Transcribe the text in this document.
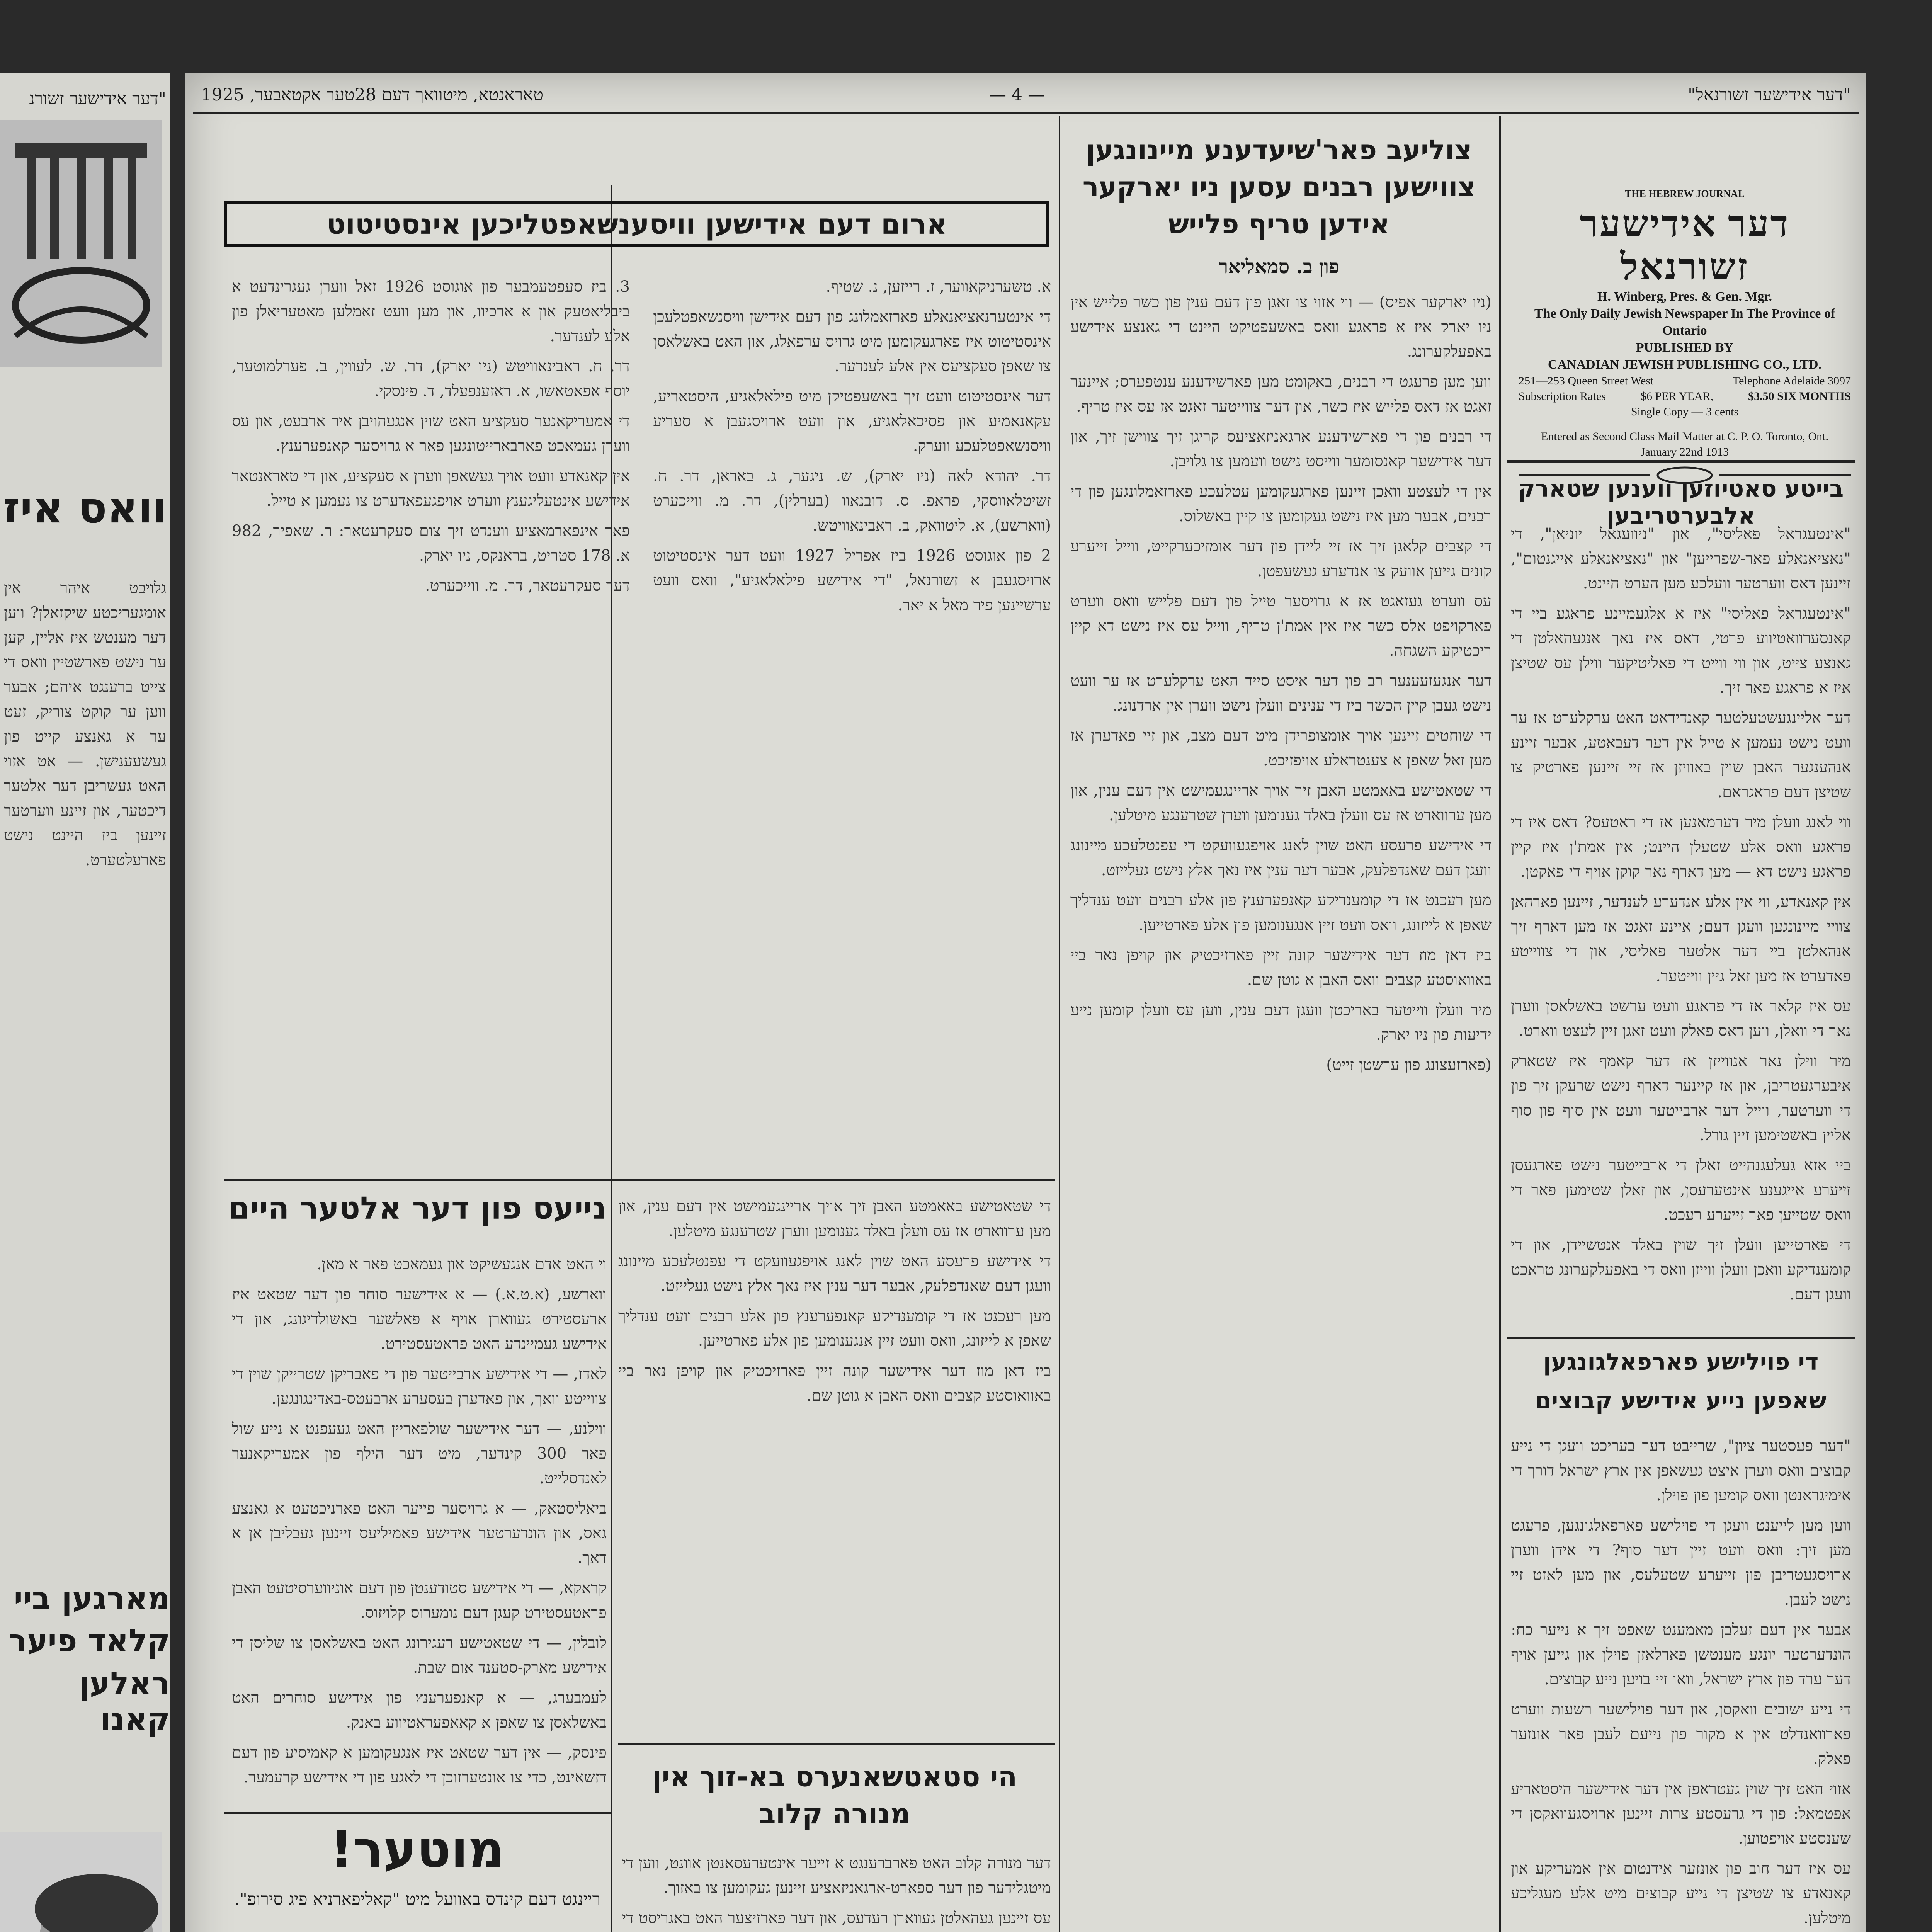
"דער אידישער זשורנ
וואס איז
גלויבט איהר אין אומגעריכטע שיקזאלן? ווען דער מענטש איז אליין, קען ער נישט פארשטיין וואס די צייט ברענגט איהם; אבער ווען ער קוקט צוריק, זעט ער א גאנצע קייט פון געשעענישן. — אט אזוי האט געשריבן דער אלטער דיכטער, און זיינע ווערטער זיינען ביז היינט נישט פארעלטערט.
מארגען ביי
קלאד פיער
ראלען קאנו
טאראנטא, מיטוואך דעם 28טער אקטאבער, 1925	— 4 —	"דער אידישער זשורנאל"
THE HEBREW JOURNAL
דער אידישער זשורנאל
H. Winberg, Pres. & Gen. Mgr.
The Only Daily Jewish Newspaper In The Province of Ontario
PUBLISHED BY
CANADIAN JEWISH PUBLISHING CO., LTD.
251—253 Queen Street West	Telephone Adelaide 3097
Subscription Rates	$6 PER YEAR,	$3.50 SIX MONTHS
Single Copy — 3 cents
Entered as Second Class Mail Matter at C. P. O. Toronto, Ont.
January 22nd 1913
בייטע סאטיוזען ווענען שטארק אלבערטריבען

"אינטעגראל פאליסי", און "ניוועגאל יוניאן", די "נאציאנאלע פאר-שפרייען" און "נאציאנאלע אייגנטום", זיינען דאס ווערטער וועלכע מען הערט היינט.

"אינטעגראל פאליסי" איז א אלגעמיינע פראגע ביי די קאנסערוואטיווע פרטי, דאס איז נאך אנגעהאלטן די גאנצע צייט, און ווי ווייט די פאליטיקער ווילן עס שטיצן איז א פראגע פאר זיך.

דער אליינגעשטעלטער קאנדידאט האט ערקלערט אז ער וועט נישט נעמען א טייל אין דער דעבאטע, אבער זיינע אנהענגער האבן שוין באוויזן אז זיי זיינען פארטיק צו שטיצן דעם פראגראם.

ווי לאנג וועלן מיר דערמאנען אז די ראטעס? דאס איז די פראגע וואס אלע שטעלן היינט; אין אמת'ן איז קיין פראגע נישט דא — מען דארף נאר קוקן אויף די פאקטן.

אין קאנאדע, ווי אין אלע אנדערע לענדער, זיינען פארהאן צוויי מיינונגען וועגן דעם; איינע זאגט אז מען דארף זיך אנהאלטן ביי דער אלטער פאליסי, און די צווייטע פאדערט אז מען זאל גיין ווייטער.

עס איז קלאר אז די פראגע וועט ערשט באשלאסן ווערן נאך די וואלן, ווען דאס פאלק וועט זאגן זיין לעצט ווארט.

מיר ווילן נאר אנווייזן אז דער קאמף איז שטארק איבערגעטריבן, און אז קיינער דארף נישט שרעקן זיך פון די ווערטער, ווייל דער ארבייטער וועט אין סוף פון סוף אליין באשטימען זיין גורל.

ביי אזא געלעגנהייט זאלן די ארבייטער נישט פארגעסן זייערע אייגענע אינטערעסן, און זאלן שטימען פאר די וואס שטייען פאר זייערע רעכט.

די פארטייען וועלן זיך שוין באלד אנטשיידן, און די קומענדיקע וואכן וועלן ווייזן וואס די באפעלקערונג טראכט וועגן דעם.

די פוילישע פארפאלגונגען
שאפען נייע אידישע קבוצים

"דער פעסטער ציון", שרייבט דער בעריכט וועגן די נייע קבוצים וואס ווערן איצט געשאפן אין ארץ ישראל דורך די אימיגראנטן וואס קומען פון פוילן.

ווען מען לייענט וועגן די פוילישע פארפאלגונגען, פרעגט מען זיך: וואס וועט זיין דער סוף? די אידן ווערן ארויסגעטריבן פון זייערע שטעלעס, און מען לאזט זיי נישט לעבן.

אבער אין דעם זעלבן מאמענט שאפט זיך א נייער כח: הונדערטער יונגע מענטשן פארלאזן פוילן און גייען אויף דער ערד פון ארץ ישראל, וואו זיי בויען נייע קבוצים.

די נייע ישובים וואקסן, און דער פוילישער רשעות ווערט פארוואנדלט אין א מקור פון נייעם לעבן פאר אונזער פאלק.

אזוי האט זיך שוין געטראפן אין דער אידישער היסטאריע אפטמאל: פון די גרעסטע צרות זיינען ארויסגעוואקסן די שענסטע אויפטוען.

עס איז דער חוב פון אונזער אידנטום אין אמעריקע און קאנאדע צו שטיצן די נייע קבוצים מיט אלע מעגליכע מיטלען.

צוליעב פאר'שיעדענע מיינונגען צווישען רבנים עסען ניו יארקער אידען טריף פלייש
פון ב. סמאליאר

(ניו יארקער אפיס) — ווי אזוי צו זאגן פון דעם ענין פון כשר פלייש אין ניו יארק איז א פראגע וואס באשעפטיקט היינט די גאנצע אידישע באפעלקערונג.

ווען מען פרעגט די רבנים, באקומט מען פארשידענע ענטפערס; איינער זאגט אז דאס פלייש איז כשר, און דער צווייטער זאגט אז עס איז טריף.

די רבנים פון די פארשידענע ארגאניזאציעס קריגן זיך צווישן זיך, און דער אידישער קאנסומער ווייסט נישט וועמען צו גלויבן.

אין די לעצטע וואכן זיינען פארגעקומען עטלעכע פארזאמלונגען פון די רבנים, אבער מען איז נישט געקומען צו קיין באשלוס.

די קצבים קלאגן זיך אז זיי ליידן פון דער אומזיכערקייט, ווייל זייערע קונים גייען אוועק צו אנדערע געשעפטן.

עס ווערט געזאגט אז א גרויסער טייל פון דעם פלייש וואס ווערט פארקויפט אלס כשר איז אין אמת'ן טריף, ווייל עס איז נישט דא קיין ריכטיקע השגחה.

דער אנגעזעענער רב פון דער איסט סייד האט ערקלערט אז ער וועט נישט געבן קיין הכשר ביז די ענינים וועלן נישט ווערן אין ארדנונג.

די שוחטים זיינען אויך אומצופרידן מיט דעם מצב, און זיי פאדערן אז מען זאל שאפן א צענטראלע אויפזיכט.

די שטאטישע באאמטע האבן זיך אויך אריינגעמישט אין דעם ענין, און מען ערווארט אז עס וועלן באלד גענומען ווערן שטרענגע מיטלען.

די אידישע פרעסע האט שוין לאנג אויפגעוועקט די עפנטלעכע מיינונג וועגן דעם שאנדפלעק, אבער דער ענין איז נאך אלץ נישט געלייזט.

מען רעכנט אז די קומענדיקע קאנפערענץ פון אלע רבנים וועט ענדליך שאפן א לייזונג, וואס וועט זיין אנגענומען פון אלע פארטייען.

ביז דאן מוז דער אידישער קונה זיין פארזיכטיק און קויפן נאר ביי באוואוסטע קצבים וואס האבן א גוטן שם.

מיר וועלן ווייטער באריכטן וועגן דעם ענין, ווען עס וועלן קומען נייע ידיעות פון ניו יארק.

(פארזעצונג פון ערשטן זייט)

ארום דעם אידישען וויסענשאפטליכען אינסטיטוט

א. טשערניקאווער, ז. רייזען, נ. שטיף.

די אינטערנאציאנאלע פארזאמלונג פון דעם אידישן וויסנשאפטלעכן אינסטיטוט איז פארגעקומען מיט גרויס ערפאלג, און האט באשלאסן צו שאפן סעקציעס אין אלע לענדער.

דער אינסטיטוט וועט זיך באשעפטיקן מיט פילאלאגיע, היסטאריע, עקאנאמיע און פסיכאלאגיע, און וועט ארויסגעבן א סעריע וויסנשאפטלעכע ווערק.

דר. יהודא לאה (ניו יארק), ש. ניגער, ג. באראן, דר. ח. זשיטלאווסקי, פראפ. ס. דובנאוו (בערלין), דר. מ. ווייכערט (ווארשע), א. ליטוואק, ב. ראבינאוויטש.

2 פון אוגוסט 1926 ביז אפריל 1927 וועט דער אינסטיטוט ארויסגעבן א זשורנאל, "די אידישע פילאלאגיע", וואס וועט ערשיינען פיר מאל א יאר.

3. ביז סעפטעמבער פון אוגוסט 1926 זאל ווערן געגרינדעט א ביבליאטעק און א ארכיוו, און מען וועט זאמלען מאטעריאלן פון אלע לענדער.

דר. ח. ראבינאוויטש (ניו יארק), דר. ש. לעווין, ב. פערלמוטער, יוסף אפאטאשו, א. ראזענפעלד, ד. פינסקי.

די אמעריקאנער סעקציע האט שוין אנגעהויבן איר ארבעט, און עס ווערן געמאכט פארבארייטונגען פאר א גרויסער קאנפערענץ.

אין קאנאדע וועט אויך געשאפן ווערן א סעקציע, און די טאראנטאר אידישע אינטעליגענץ ווערט אויפגעפאדערט צו נעמען א טייל.

פאר אינפארמאציע ווענדט זיך צום סעקרעטאר: ר. שאפיר, 982 א. 178 סטריט, בראנקס, ניו יארק.

דער סעקרעטאר, דר. מ. ווייכערט.

נייעס פון דער אלטער היים

וי האט אדם אנגעשיקט און געמאכט פאר א מאן.

ווארשע, (א.ט.א.) — א אידישער סוחר פון דער שטאט איז ארעסטירט געווארן אויף א פאלשער באשולדיגונג, און די אידישע געמיינדע האט פראטעסטירט.

לאדז, — די אידישע ארבייטער פון די פאבריקן שטרייקן שוין די צווייטע וואך, און פאדערן בעסערע ארבעטס-באדינגונגען.

ווילנע, — דער אידישער שולפאריין האט געעפנט א נייע שול פאר 300 קינדער, מיט דער הילף פון אמעריקאנער לאנדסלייט.

ביאליסטאק, — א גרויסער פייער האט פארניכטעט א גאנצע גאס, און הונדערטער אידישע פאמיליעס זיינען געבליבן אן א דאך.

קראקא, — די אידישע סטודענטן פון דעם אוניווערסיטעט האבן פראטעסטירט קעגן דעם נומערוס קלויזוס.

לובלין, — די שטאטישע רעגירונג האט באשלאסן צו שליסן די אידישע מארק-סטענד אום שבת.

לעמבערג, — א קאנפערענץ פון אידישע סוחרים האט באשלאסן צו שאפן א קאאפעראטיווע באנק.

פינסק, — אין דער שטאט איז אנגעקומען א קאמיסיע פון דעם דזשאינט, כדי צו אונטערזוכן די לאגע פון די אידישע קרעמער.

די שטאטישע באאמטע האבן זיך אויך אריינגעמישט אין דעם ענין, און מען ערווארט אז עס וועלן באלד גענומען ווערן שטרענגע מיטלען.

די אידישע פרעסע האט שוין לאנג אויפגעוועקט די עפנטלעכע מיינונג וועגן דעם שאנדפלעק, אבער דער ענין איז נאך אלץ נישט געלייזט.

מען רעכנט אז די קומענדיקע קאנפערענץ פון אלע רבנים וועט ענדליך שאפן א לייזונג, וואס וועט זיין אנגענומען פון אלע פארטייען.

ביז דאן מוז דער אידישער קונה זיין פארזיכטיק און קויפן נאר ביי באוואוסטע קצבים וואס האבן א גוטן שם.

מוטער!
ריינגט דעם קינדס באוועל מיט "קאליפארניא פיג סירופ".
הי סטאטשאנערס בא-זוך אין מנורה קלוב

דער מנורה קלוב האט פארברענגט א זייער אינטערעסאנטן אוונט, ווען די מיטגלידער פון דער ספארט-ארגאניזאציע זיינען געקומען צו באזוך.

עס זיינען געהאלטן געווארן רעדעס, און דער פארזיצער האט באגריסט די
